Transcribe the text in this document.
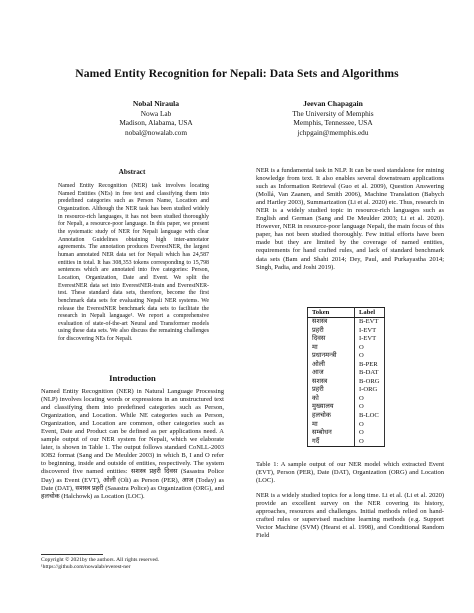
Named Entity Recognition for Nepali: Data Sets and Algorithms
Nobal Niraula
Nowa Lab
Madison, Alabama, USA
nobal@nowalab.com
Jeevan Chapagain
The University of Memphis
Memphis, Tennessee, USA
jchpgain@memphis.edu
Abstract

Named Entity Recognition (NER) task involves locating Named Entities (NEs) in free text and classifying them into predefined categories such as Person Name, Location and Organization. Although the NER task has been studied widely in resource-rich languages, it has not been studied thoroughly for Nepali, a resource-poor language. In this paper, we present the systematic study of NER for Nepali language with clear Annotation Guidelines obtaining high inter-annotator agreements. The annotation produces EverestNER, the largest human annotated NER data set for Nepali which has 24,587 entities in total. It has 308,353 tokens corresponding to 15,798 sentences which are annotated into five categories: Person, Location, Organization, Date and Event. We split the EverestNER data set into EverestNER-train and EverestNER-test. These standard data sets, therefore, become the first benchmark data sets for evaluating Nepali NER systems. We release the EverestNER benchmark data sets to facilitate the research in Nepali language¹. We report a comprehensive evaluation of state-of-the-art Neural and Transformer models using these data sets. We also discuss the remaining challenges for discovering NEs for Nepali.

Introduction

Named Entity Recognition (NER) in Natural Language Processing (NLP) involves locating words or expressions in an unstructured text and classifying them into predefined categories such as Person, Organization, and Location. While NE categories such as Person, Organization, and Location are common, other categories such as Event, Date and Product can be defined as per applications need. A sample output of our NER system for Nepali, which we elaborate later, is shown in Table 1. The output follows standard CoNLL-2003 IOB2 format (Sang and De Meulder 2003) in which B, I and O refer to beginning, inside and outside of entities, respectively. The system discovered five named entities: सशस्त्र प्रहरी दिवस (Sasastra Police Day) as Event (EVT), ओली (Oli) as Person (PER), आज (Today) as Date (DAT), सशस्त्र प्रहरी (Sasastra Police) as Organization (ORG), and हलचोक (Halchowk) as Location (LOC).

Copyright © 2021by the authors. All rights reserved.
¹https://github.com/nowalab/everest-ner

NER is a fundamental task in NLP. It can be used standalone for mining knowledge from text. It also enables several downstream applications such as Information Retrieval (Guo et al. 2009), Question Answering (Mollá, Van Zaanen, and Smith 2006), Machine Translation (Babych and Hartley 2003), Summarization (Li et al. 2020) etc. Thus, research in NER is a widely studied topic in resource-rich languages such as English and German (Sang and De Meulder 2003; Li et al. 2020). However, NER in resource-poor language Nepali, the main focus of this paper, has not been studied thoroughly. Few initial efforts have been made but they are limited by the coverage of named entities, requirements for hand crafted rules, and lack of standard benchmark data sets (Bam and Shahi 2014; Dey, Paul, and Purkayastha 2014; Singh, Padia, and Joshi 2019).

Token	Label
सशस्त्र	B-EVT
प्रहरी	I-EVT
दिवस	I-EVT
मा	O
प्रधानमन्त्री	O
ओली	B-PER
आज	B-DAT
सशस्त्र	B-ORG
प्रहरी	I-ORG
को	O
मुख्यालय	O
हलचोक	B-LOC
मा	O
सम्बोधन	O
गर्दै	O

Table 1: A sample output of our NER model which extracted Event (EVT), Person (PER), Date (DAT), Organization (ORG) and Location (LOC).

NER is a widely studied topics for a long time. Li et al. (Li et al. 2020) provide an excellent survey on the NER covering its history, approaches, resources and challenges. Initial methods relied on hand-crafted rules or supervised machine learning methods (e.g. Support Vector Machine (SVM) (Hearst et al. 1998), and Conditional Random Field
